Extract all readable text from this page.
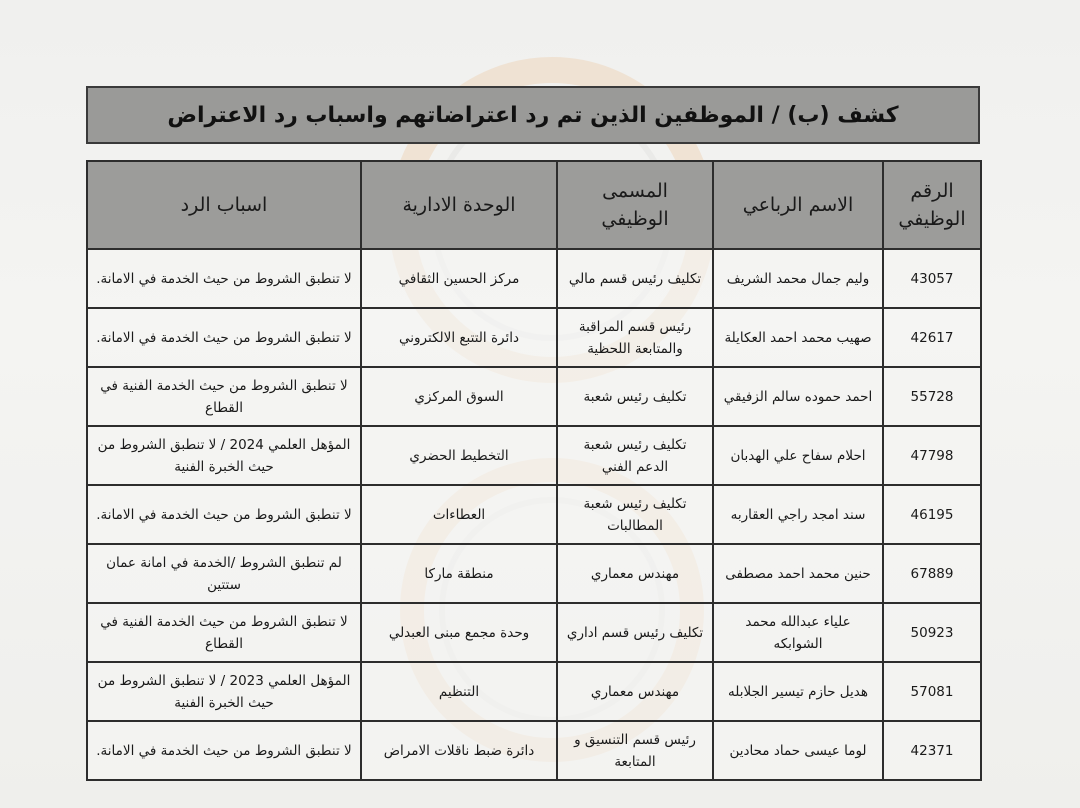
كشف (ب) / الموظفين الذين تم رد اعتراضاتهم واسباب رد الاعتراض
الرقم الوظيفي	الاسم الرباعي	المسمى الوظيفي	الوحدة الادارية	اسباب الرد
43057	وليم جمال محمد الشريف	تكليف رئيس قسم مالي	مركز الحسين الثقافي	لا تنطبق الشروط من حيث الخدمة في الامانة.
42617	صهيب محمد احمد العكايلة	رئيس قسم المراقبة والمتابعة اللحظية	دائرة التتبع الالكتروني	لا تنطبق الشروط من حيث الخدمة في الامانة.
55728	احمد حموده سالم الزفيقي	تكليف رئيس شعبة	السوق المركزي	لا تنطبق الشروط من حيث الخدمة الفنية في القطاع
47798	احلام سفاح علي الهدبان	تكليف رئيس شعبة الدعم الفني	التخطيط الحضري	المؤهل العلمي 2024 / لا تنطبق الشروط من حيث الخبرة الفنية
46195	سند امجد راجي العقاربه	تكليف رئيس شعبة المطالبات	العطاءات	لا تنطبق الشروط من حيث الخدمة في الامانة.
67889	حنين محمد احمد مصطفى	مهندس معماري	منطقة ماركا	لم تنطبق الشروط /الخدمة في امانة عمان ستتين
50923	علياء عبدالله محمد الشوابكه	تكليف رئيس قسم اداري	وحدة مجمع مبنى العبدلي	لا تنطبق الشروط من حيث الخدمة الفنية في القطاع
57081	هديل حازم تيسير الجلابله	مهندس معماري	التنظيم	المؤهل العلمي 2023 / لا تنطبق الشروط من حيث الخبرة الفنية
42371	لوما عيسى حماد محادين	رئيس قسم التنسيق و المتابعة	دائرة ضبط ناقلات الامراض	لا تنطبق الشروط من حيث الخدمة في الامانة.
